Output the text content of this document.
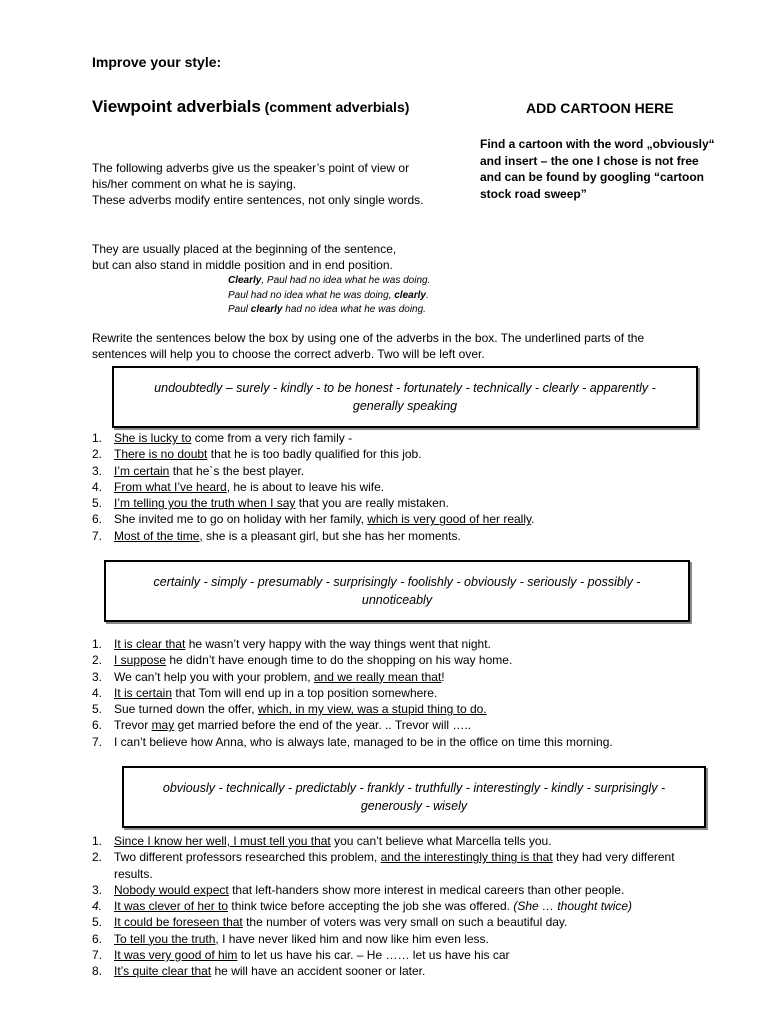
Improve your style:
Viewpoint adverbials (comment adverbials)	ADD CARTOON HERE
Find a cartoon with the word „obviously“ and insert – the one I chose is not free and can be found by googling “cartoon stock road sweep”
The following adverbs give us the speaker’s point of view or his/her comment on what he is saying.
These adverbs modify entire sentences, not only single words.
They are usually placed at the beginning of the sentence,
but can also stand in middle position and in end position.
Clearly, Paul had no idea what he was doing.
Paul had no idea what he was doing, clearly.
Paul clearly had no idea what he was doing.
Rewrite the sentences below the box by using one of the adverbs in the box. The underlined parts of the sentences will help you to choose the correct adverb. Two will be left over.
undoubtedly – surely - kindly - to be honest - fortunately - technically - clearly - apparently - generally speaking
1. She is lucky to come from a very rich family -
2. There is no doubt that he is too badly qualified for this job.
3. I’m certain that he`s the best player.
4. From what I’ve heard, he is about to leave his wife.
5. I’m telling you the truth when I say that you are really mistaken.
6. She invited me to go on holiday with her family, which is very good of her really.
7. Most of the time, she is a pleasant girl, but she has her moments.
certainly - simply - presumably - surprisingly - foolishly - obviously - seriously - possibly - unnoticeably
1. It is clear that he wasn’t very happy with the way things went that night.
2. I suppose he didn’t have enough time to do the shopping on his way home.
3. We can’t help you with your problem, and we really mean that!
4. It is certain that Tom will end up in a top position somewhere.
5. Sue turned down the offer, which, in my view, was a stupid thing to do.
6. Trevor may get married before the end of the year. .. Trevor will …..
7. I can’t believe how Anna, who is always late, managed to be in the office on time this morning.
obviously - technically - predictably - frankly - truthfully - interestingly - kindly - surprisingly - generously - wisely
1. Since I know her well, I must tell you that you can’t believe what Marcella tells you.
2. Two different professors researched this problem, and the interestingly thing is that they had very different results.
3. Nobody would expect that left-handers show more interest in medical careers than other people.
4. It was clever of her to think twice before accepting the job she was offered. (She … thought twice)
5. It could be foreseen that the number of voters was very small on such a beautiful day.
6. To tell you the truth, I have never liked him and now like him even less.
7. It was very good of him to let us have his car. – He …… let us have his car
8. It’s quite clear that he will have an accident sooner or later.
